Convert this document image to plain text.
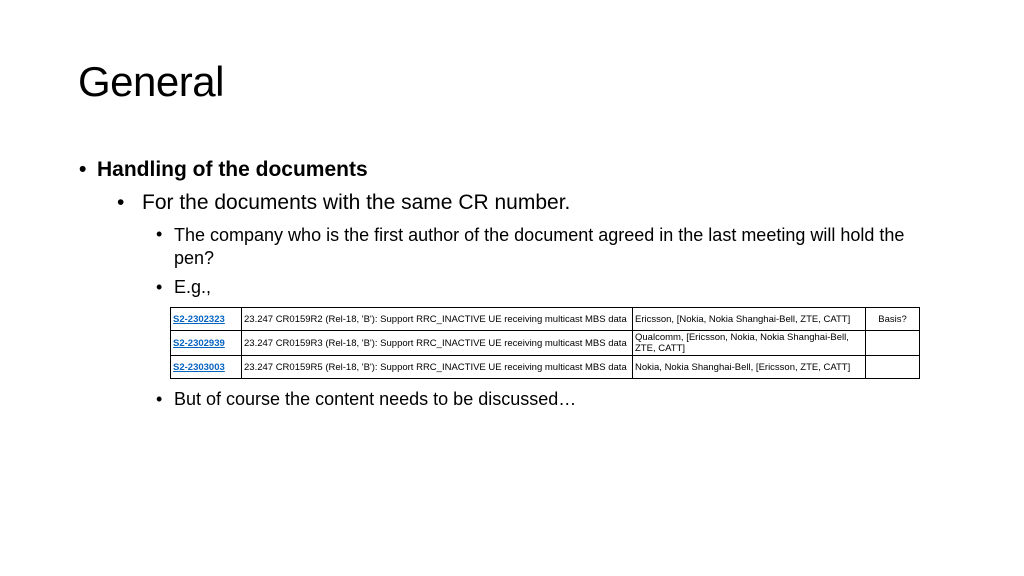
General
• Handling of the documents
• For the documents with the same CR number.
• The company who is the first author of the document agreed in the last meeting will hold the pen?
• E.g.,
S2-2302323	23.247 CR0159R2 (Rel-18, 'B'): Support RRC_INACTIVE UE receiving multicast MBS data	Ericsson, [Nokia, Nokia Shanghai-Bell, ZTE, CATT]	Basis?
S2-2302939	23.247 CR0159R3 (Rel-18, 'B'): Support RRC_INACTIVE UE receiving multicast MBS data	Qualcomm, [Ericsson, Nokia, Nokia Shanghai-Bell, ZTE, CATT]	
S2-2303003	23.247 CR0159R5 (Rel-18, 'B'): Support RRC_INACTIVE UE receiving multicast MBS data	Nokia, Nokia Shanghai-Bell, [Ericsson, ZTE, CATT]	
• But of course the content needs to be discussed…
